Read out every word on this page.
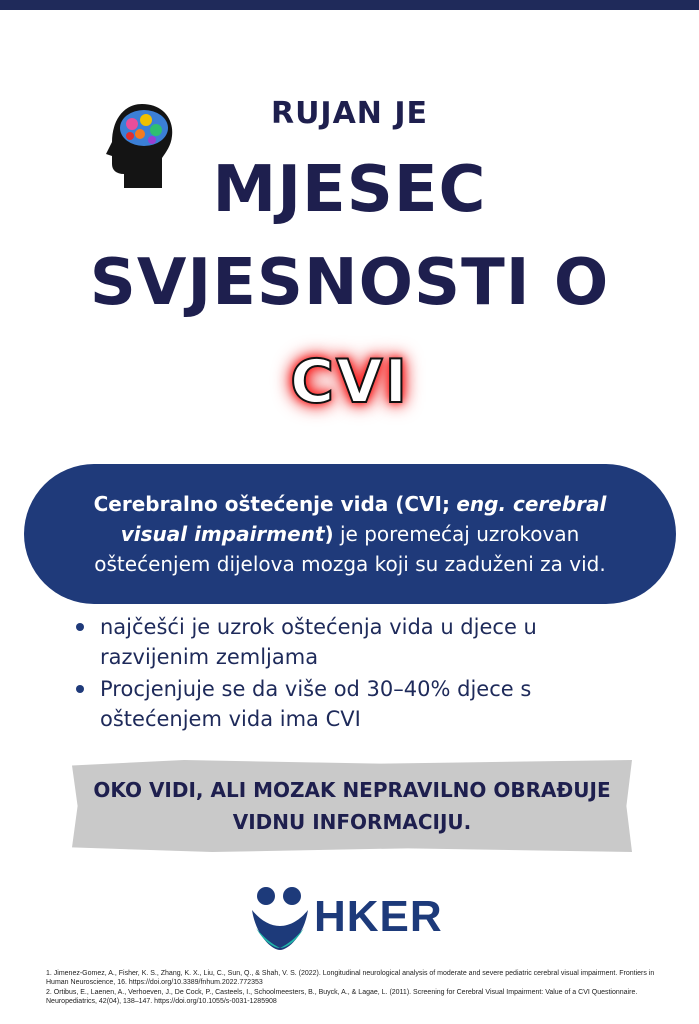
RUJAN JE
MJESEC
SVJESNOSTI O
CVI
Cerebralno oštećenje vida (CVI; eng. cerebral visual impairment) je poremećaj uzrokovan oštećenjem dijelova mozga koji su zaduženi za vid.
najčešći je uzrok oštećenja vida u djece u razvijenim zemljama
Procjenjuje se da više od 30–40% djece s oštećenjem vida ima CVI
OKO VIDI, ALI MOZAK NEPRAVILNO OBRAĐUJE
VIDNU INFORMACIJU.
HKER

1. Jimenez-Gomez, A., Fisher, K. S., Zhang, K. X., Liu, C., Sun, Q., & Shah, V. S. (2022). Longitudinal neurological analysis of moderate and severe pediatric cerebral visual impairment. Frontiers in Human Neuroscience, 16. https://doi.org/10.3389/fnhum.2022.772353

2. Ortibus, E., Laenen, A., Verhoeven, J., De Cock, P., Casteels, I., Schoolmeesters, B., Buyck, A., & Lagae, L. (2011). Screening for Cerebral Visual Impairment: Value of a CVI Questionnaire. Neuropediatrics, 42(04), 138–147. https://doi.org/10.1055/s-0031-1285908
